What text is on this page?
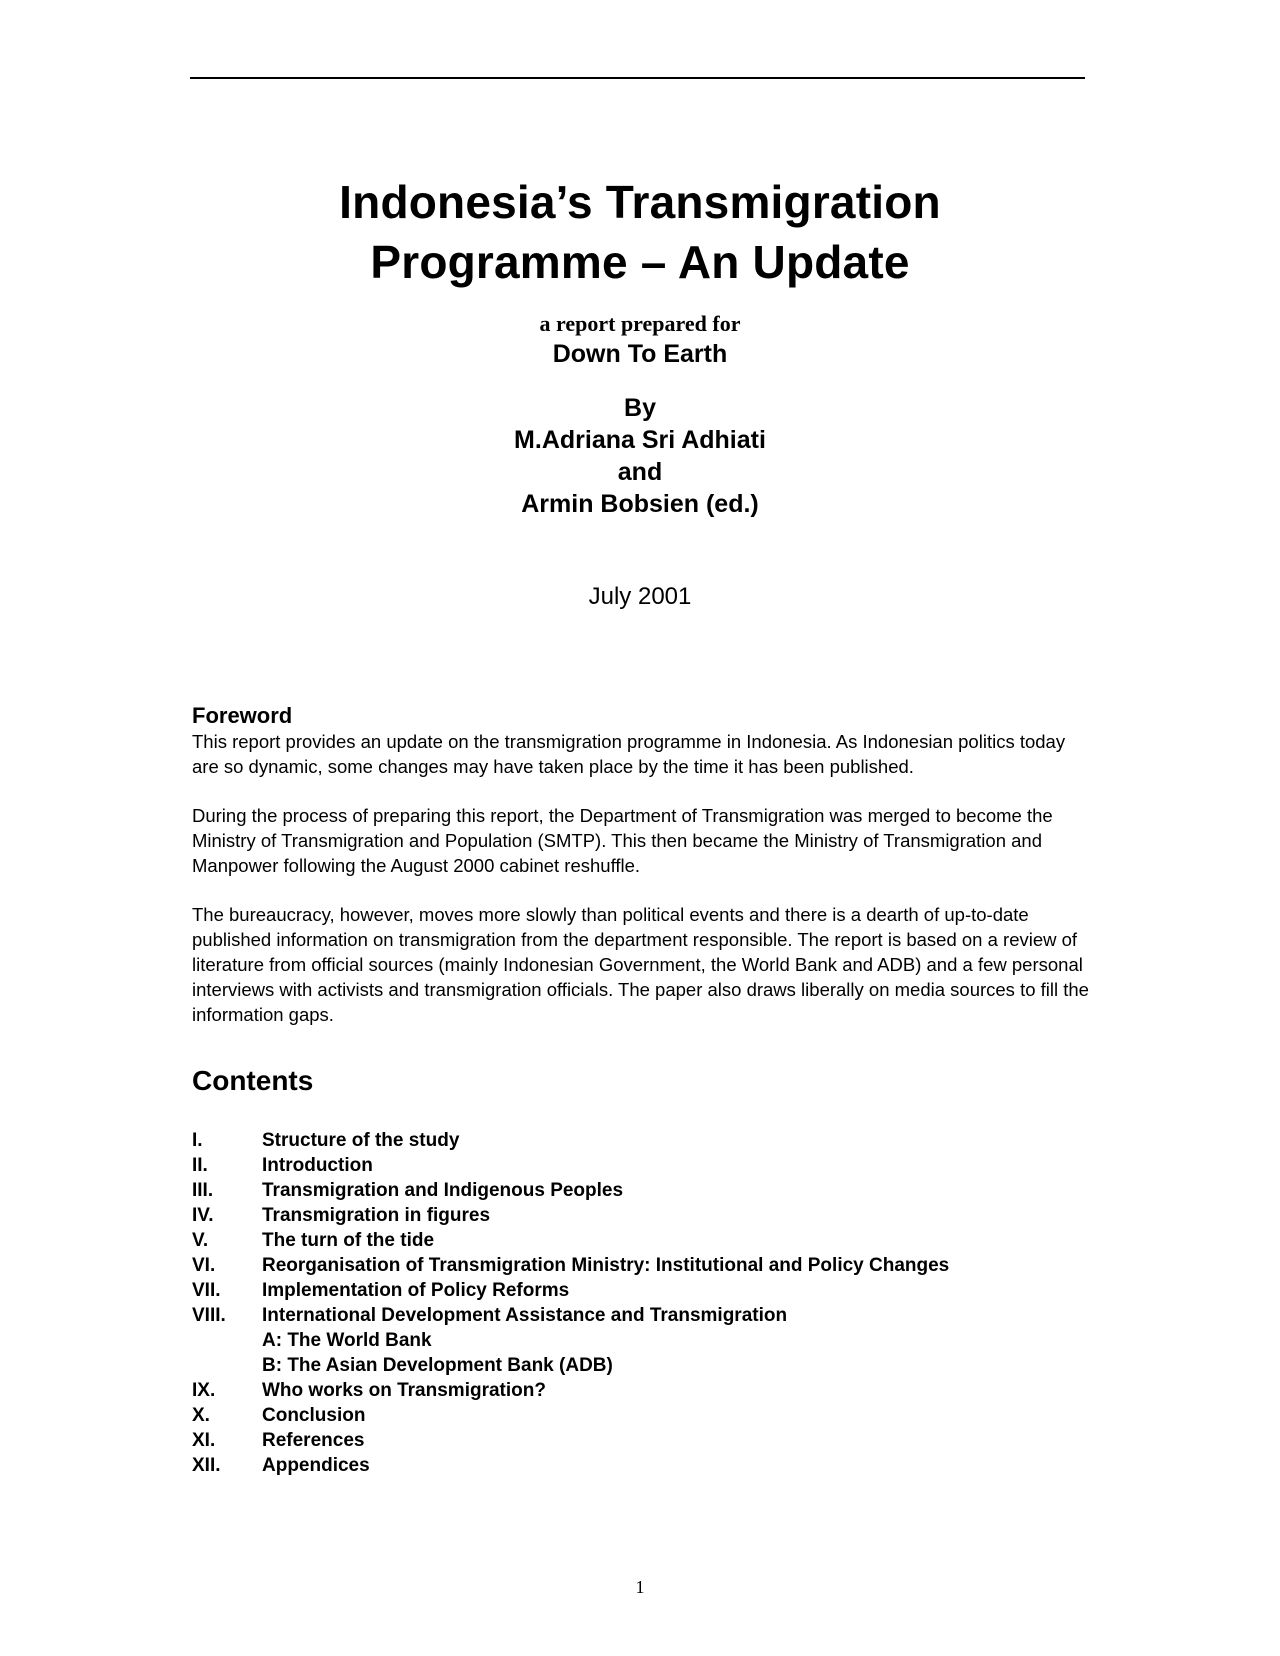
Indonesia’s Transmigration
Programme – An Update
a report prepared for
Down To Earth
By
M.Adriana Sri Adhiati
and
Armin Bobsien (ed.)
July 2001
Foreword
This report provides an update on the transmigration programme in Indonesia. As Indonesian politics today are so dynamic, some changes may have taken place by the time it has been published.
During the process of preparing this report, the Department of Transmigration was merged to become the Ministry of Transmigration and Population (SMTP). This then became the Ministry of Transmigration and Manpower following the August 2000 cabinet reshuffle.
The bureaucracy, however, moves more slowly than political events and there is a dearth of up-to-date published information on transmigration from the department responsible. The report is based on a review of literature from official sources (mainly Indonesian Government, the World Bank and ADB) and a few personal interviews with activists and transmigration officials. The paper also draws liberally on media sources to fill the information gaps.
Contents
I.	Structure of the study
II.	Introduction
III.	Transmigration and Indigenous Peoples
IV.	Transmigration in figures
V.	The turn of the tide
VI.	Reorganisation of Transmigration Ministry: Institutional and Policy Changes
VII.	Implementation of Policy Reforms
VIII.	International Development Assistance and Transmigration
A: The World Bank
B: The Asian Development Bank (ADB)
IX.	Who works on Transmigration?
X.	Conclusion
XI.	References
XII.	Appendices
1
